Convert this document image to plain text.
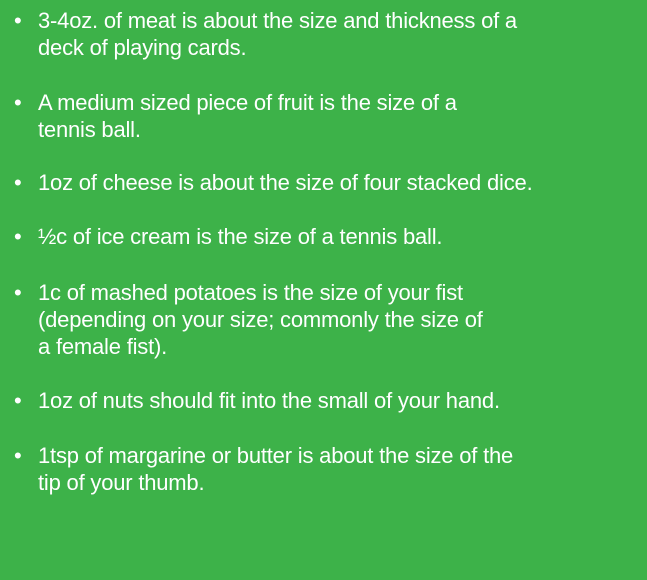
• 3-4oz. of meat is about the size and thickness of a
deck of playing cards.
• A medium sized piece of fruit is the size of a
tennis ball.
• 1oz of cheese is about the size of four stacked dice.
• ½c of ice cream is the size of a tennis ball.
• 1c of mashed potatoes is the size of your fist
(depending on your size; commonly the size of
a female fist).
• 1oz of nuts should fit into the small of your hand.
• 1tsp of margarine or butter is about the size of the
tip of your thumb.
